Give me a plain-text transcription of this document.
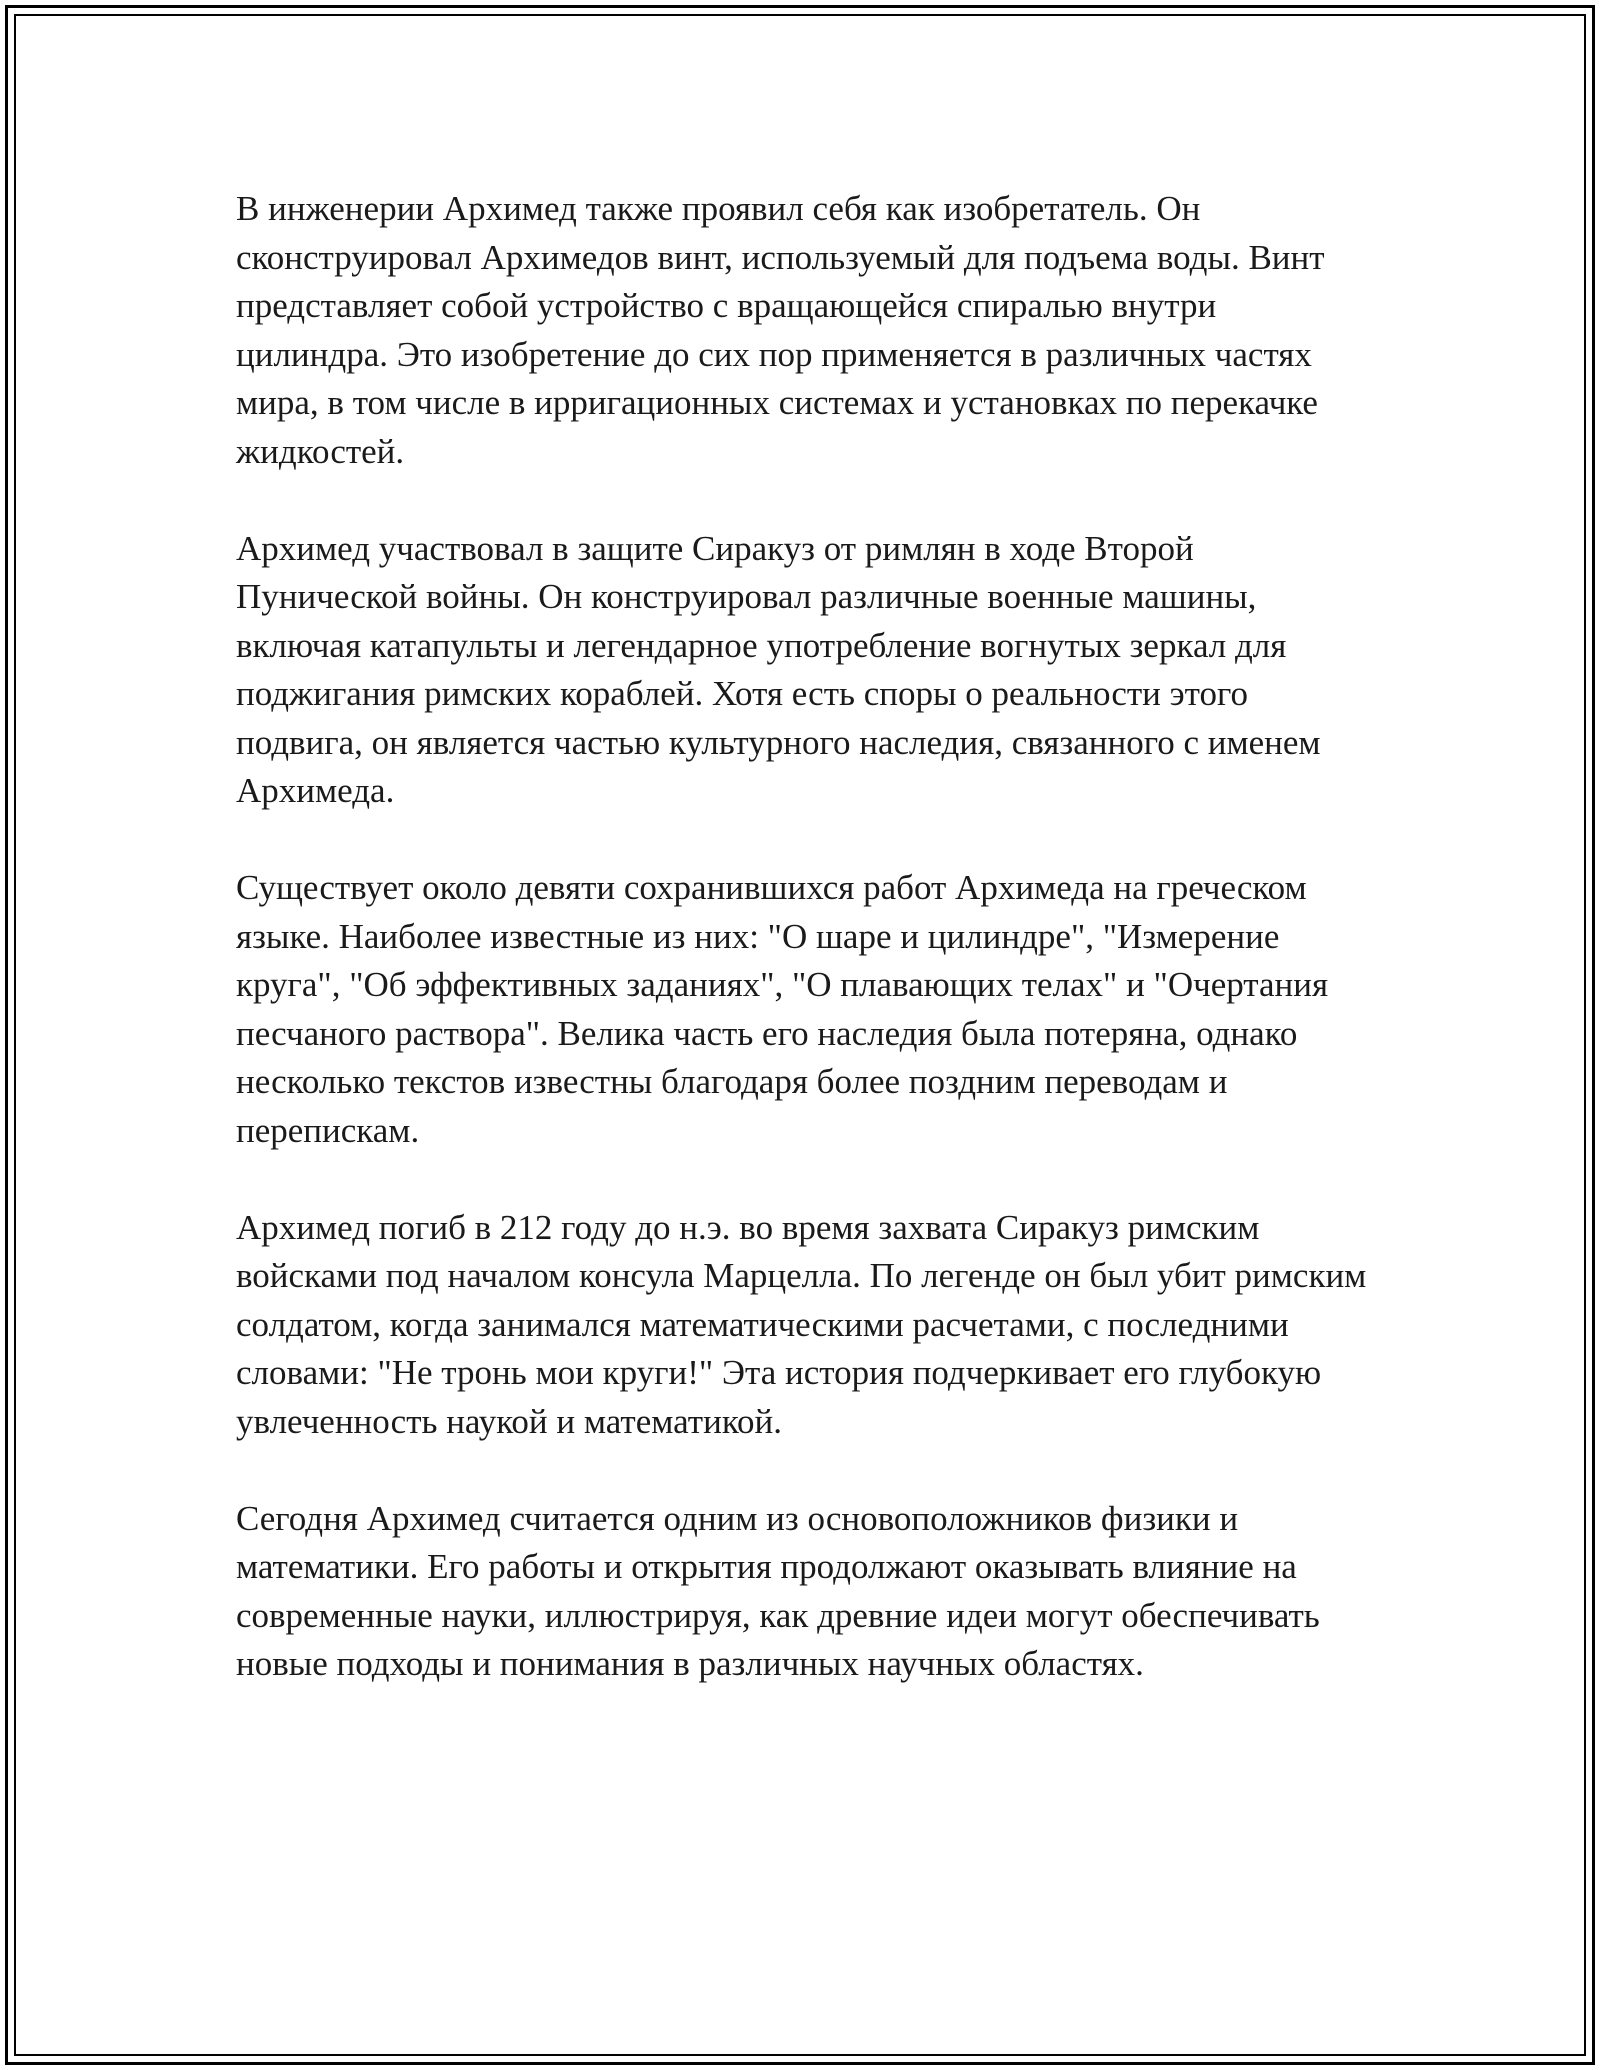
В инженерии Архимед также проявил себя как изобретатель. Он сконструировал Архимедов винт, используемый для подъема воды. Винт представляет собой устройство с вращающейся спиралью внутри цилиндра. Это изобретение до сих пор применяется в различных частях мира, в том числе в ирригационных системах и установках по перекачке жидкостей.

Архимед участвовал в защите Сиракуз от римлян в ходе Второй Пунической войны. Он конструировал различные военные машины, включая катапульты и легендарное употребление вогнутых зеркал для поджигания римских кораблей. Хотя есть споры о реальности этого подвига, он является частью культурного наследия, связанного с именем Архимеда.

Существует около девяти сохранившихся работ Архимеда на греческом языке. Наиболее известные из них: "О шаре и цилиндре", "Измерение круга", "Об эффективных заданиях", "О плавающих телах" и "Очертания песчаного раствора". Велика часть его наследия была потеряна, однако несколько текстов известны благодаря более поздним переводам и перепискам.

Архимед погиб в 212 году до н.э. во время захвата Сиракуз римским войсками под началом консула Марцелла. По легенде он был убит римским солдатом, когда занимался математическими расчетами, с последними словами: "Не тронь мои круги!" Эта история подчеркивает его глубокую увлеченность наукой и математикой.

Сегодня Архимед считается одним из основоположников физики и математики. Его работы и открытия продолжают оказывать влияние на современные науки, иллюстрируя, как древние идеи могут обеспечивать новые подходы и понимания в различных научных областях.
